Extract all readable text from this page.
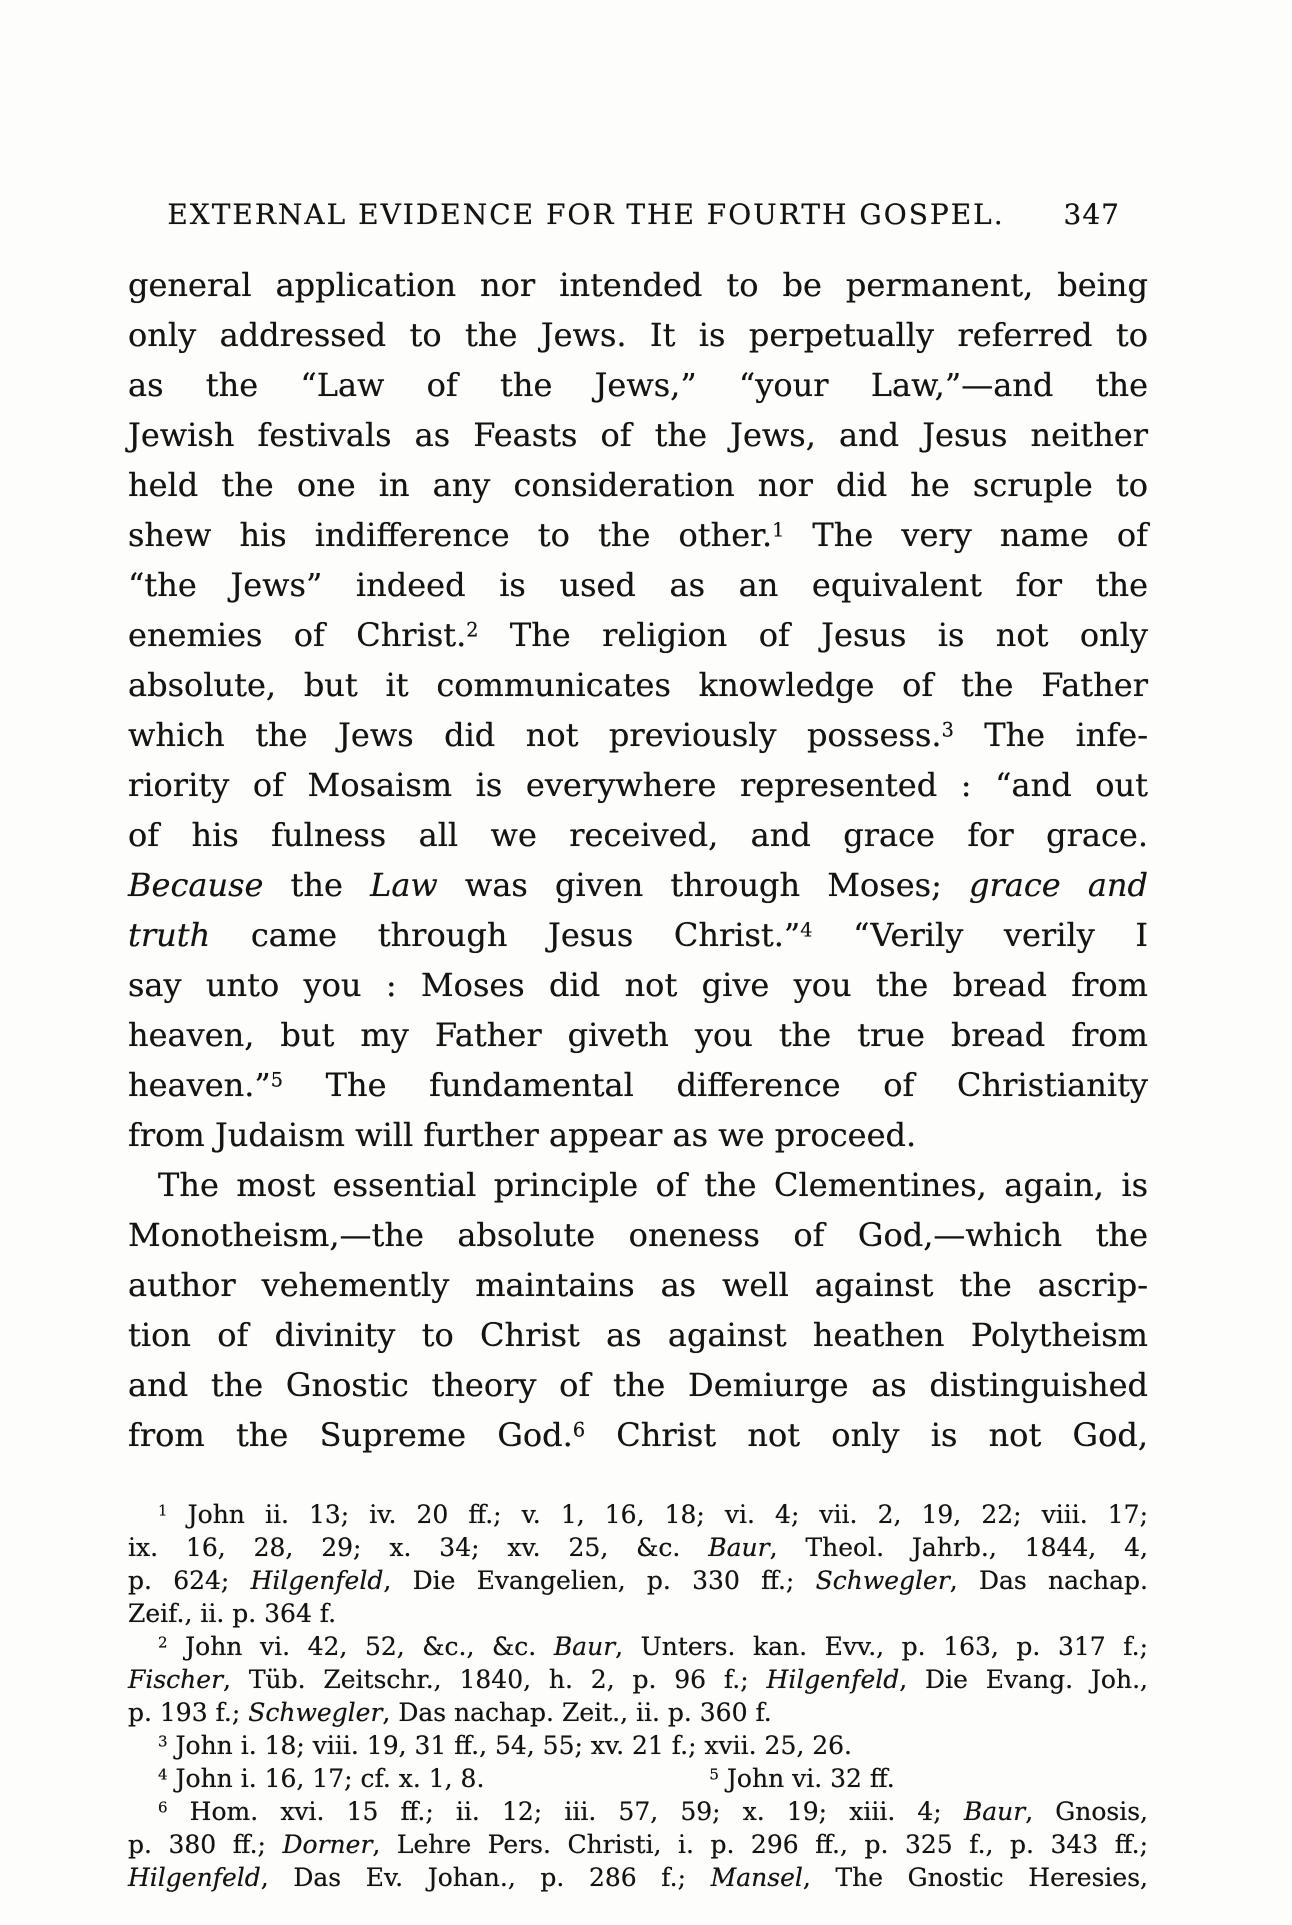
EXTERNAL EVIDENCE FOR THE FOURTH GOSPEL. 347
general application nor intended to be permanent, being
only addressed to the Jews. It is perpetually referred to
as the “Law of the Jews,” “your Law,”—and the
Jewish festivals as Feasts of the Jews, and Jesus neither
held the one in any consideration nor did he scruple to
shew his indifference to the other.$^1$ The very name of
“the Jews” indeed is used as an equivalent for the
enemies of Christ.$^2$ The religion of Jesus is not only
absolute, but it communicates knowledge of the Father
which the Jews did not previously possess.$^3$ The infe-
riority of Mosaism is everywhere represented : “and out
of his fulness all we received, and grace for grace.
Because the Law was given through Moses; grace and
truth came through Jesus Christ.”$^4$ “Verily verily I
say unto you : Moses did not give you the bread from
heaven, but my Father giveth you the true bread from
heaven.”$^5$ The fundamental difference of Christianity
from Judaism will further appear as we proceed.
The most essential principle of the Clementines, again, is
Monotheism,—the absolute oneness of God,—which the
author vehemently maintains as well against the ascrip-
tion of divinity to Christ as against heathen Polytheism
and the Gnostic theory of the Demiurge as distinguished
from the Supreme God.$^6$ Christ not only is not God,
$^1$ John ii. 13; iv. 20 ff.; v. 1, 16, 18; vi. 4; vii. 2, 19, 22; viii. 17;
ix. 16, 28, 29; x. 34; xv. 25, &c. Baur, Theol. Jahrb., 1844, 4,
p. 624; Hilgenfeld, Die Evangelien, p. 330 ff.; Schwegler, Das nachap.
Zeif., ii. p. 364 f.
$^2$ John vi. 42, 52, &c., &c. Baur, Unters. kan. Evv., p. 163, p. 317 f.;
Fischer, Tüb. Zeitschr., 1840, h. 2, p. 96 f.; Hilgenfeld, Die Evang. Joh.,
p. 193 f.; Schwegler, Das nachap. Zeit., ii. p. 360 f.
$^3$ John i. 18; viii. 19, 31 ff., 54, 55; xv. 21 f.; xvii. 25, 26.
$^4$ John i. 16, 17; cf. x. 1, 8.	$^5$ John vi. 32 ff.
$^6$ Hom. xvi. 15 ff.; ii. 12; iii. 57, 59; x. 19; xiii. 4; Baur, Gnosis,
p. 380 ff.; Dorner, Lehre Pers. Christi, i. p. 296 ff., p. 325 f., p. 343 ff.;
Hilgenfeld, Das Ev. Johan., p. 286 f.; Mansel, The Gnostic Heresies,
